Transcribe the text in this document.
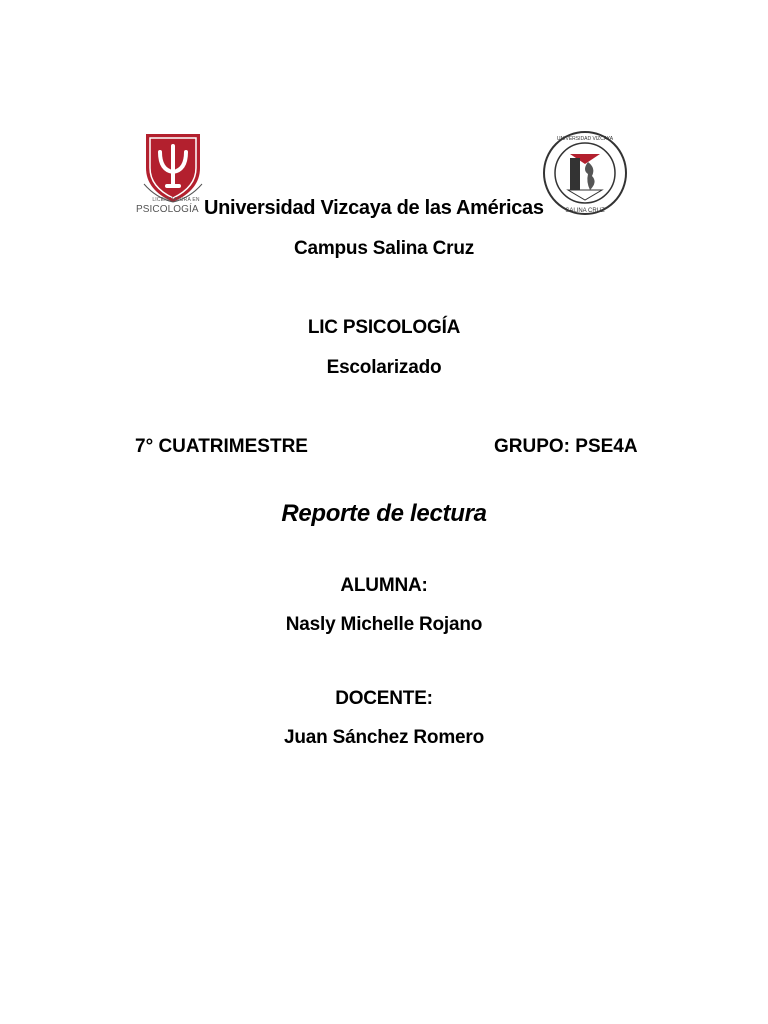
LICENCIATURA EN
PSICOLOGÍA Universidad Vizcaya de las Américas
UNIVERSIDAD VIZCAYA
SALINA CRUZ
Campus Salina Cruz
LIC PSICOLOGÍA
Escolarizado
7° CUATRIMESTRE	GRUPO: PSE4A
Reporte de lectura
ALUMNA:
Nasly Michelle Rojano
DOCENTE:
Juan Sánchez Romero
